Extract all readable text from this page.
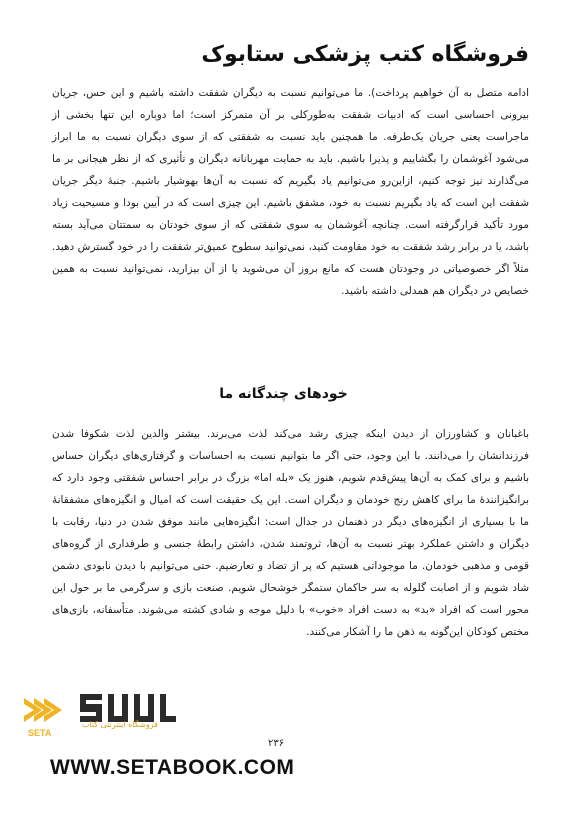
فروشگاه کتب پزشکی ستابوک

ادامه متصل به آن خواهیم پرداخت). ما می‌توانیم نسبت به دیگران شفقت داشته باشیم و این حس، جریان بیرونی احساسی است که ادبیات شفقت به‌طورکلی بر آن متمرکز است؛ اما دوباره این تنها بخشی از ماجراست یعنی جریان یک‌طرفه. ما همچنین باید نسبت به شفقتی که از سوی دیگران نسبت به ما ابراز می‌شود آغوشمان را بگشاییم و پذیرا باشیم. باید به حمایت مهربانانه دیگران و تأثیری که از نظر هیجانی بر ما می‌گذارند نیز توجه کنیم، ازاین‌رو می‌توانیم یاد بگیریم که نسبت به آن‌ها بهوشیار باشیم. جنبهٔ دیگر جریان شفقت این است که یاد بگیریم نسبت به خود، مشفق باشیم. این چیزی است که در آیین بودا و مسیحیت زیاد مورد تأکید قرارگرفته است. چنانچه آغوشمان به سوی شفقتی که از سوی خودتان به سمتتان می‌آید بسته باشد، یا در برابر رشد شفقت به خود مقاومت کنید، نمی‌توانید سطوح عمیق‌تر شفقت را در خود گسترش دهید. مثلاً اگر خصوصیاتی در وجودتان هست که مانع بروز آن می‌شوید یا از آن بیزارید، نمی‌توانید نسبت به همین خصایص در دیگران هم همدلی داشته باشید.

خودهای چندگانه ما

باغبانان و کشاورزان از دیدن اینکه چیزی رشد می‌کند لذت می‌برند. بیشتر والدین لذت شکوفا شدن فرزندانشان را می‌دانند. با این وجود، حتی اگر ما بتوانیم نسبت به احساسات و گرفتاری‌های دیگران حساس باشیم و برای کمک به آن‌ها پیش‌قدم شویم، هنوز یک «بله اما» بزرگ در برابر احساس شفقتی وجود دارد که برانگیزانندهٔ ما برای کاهش رنج خودمان و دیگران است. این یک حقیقت است که امیال و انگیزه‌های مشفقانهٔ ما با بسیاری از انگیزه‌های دیگر در ذهنمان در جدال است: انگیزه‌هایی مانند موفق شدن در دنیا، رقابت با دیگران و داشتن عملکرد بهتر نسبت به آن‌ها، ثروتمند شدن، داشتن رابطهٔ جنسی و طرفداری از گروه‌های قومی و مذهبی خودمان. ما موجوداتی هستیم که پر از تضاد و تعارضیم. حتی می‌توانیم با دیدن نابودی دشمن شاد شویم و از اصابت گلوله به سر حاکمان ستمگر خوشحال شویم. صنعت بازی و سرگرمی ما بر حول این محور است که افراد «بد» به دست افراد «خوب» با دلیل موجه و شادی کشته می‌شوند. متأسفانه، بازی‌های مختص کودکان این‌گونه به ذهن ما را آشکار می‌کنند.

۲۳۶
SETA
فروشگاه اینترنتی کتاب
WWW.SETABOOK.COM
